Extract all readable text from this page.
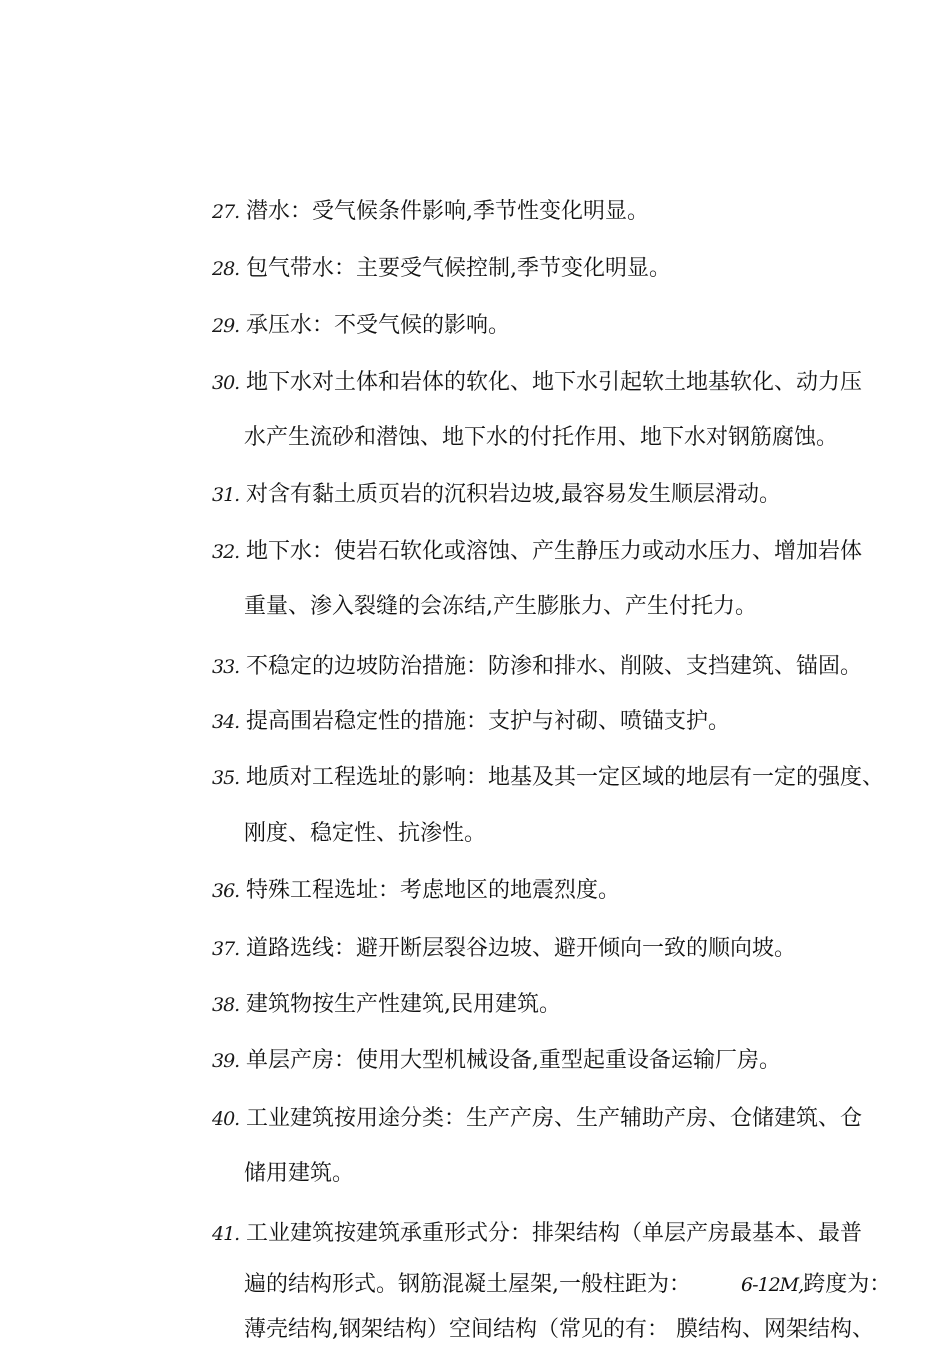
27. 潜水：受气候条件影响,季节性变化明显。
28. 包气带水：主要受气候控制,季节变化明显。
29. 承压水：不受气候的影响。
30. 地下水对土体和岩体的软化、地下水引起软土地基软化、动力压
水产生流砂和潜蚀、地下水的付托作用、地下水对钢筋腐蚀。
31. 对含有黏土质页岩的沉积岩边坡,最容易发生顺层滑动。
32. 地下水：使岩石软化或溶蚀、产生静压力或动水压力、增加岩体
重量、渗入裂缝的会冻结,产生膨胀力、产生付托力。
33. 不稳定的边坡防治措施：防渗和排水、削陂、支挡建筑、锚固。
34. 提高围岩稳定性的措施：支护与衬砌、喷锚支护。
35. 地质对工程选址的影响：地基及其一定区域的地层有一定的强度、
刚度、稳定性、抗渗性。
36. 特殊工程选址：考虑地区的地震烈度。
37. 道路选线：避开断层裂谷边坡、避开倾向一致的顺向坡。
38. 建筑物按生产性建筑,民用建筑。
39. 单层产房：使用大型机械设备,重型起重设备运输厂房。
40. 工业建筑按用途分类：生产产房、生产辅助产房、仓储建筑、仓
储用建筑。
41. 工业建筑按建筑承重形式分：排架结构（单层产房最基本、最普
遍的结构形式。钢筋混凝土屋架,一般柱距为：	6-12M,跨度为：
薄壳结构,钢架结构）空间结构（常见的有： 膜结构、网架结构、
